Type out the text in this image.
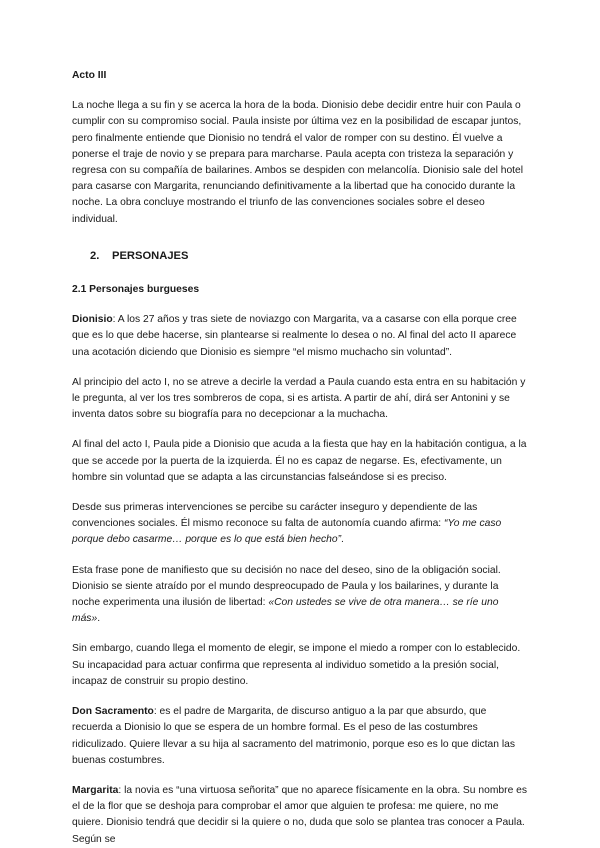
Acto III

La noche llega a su fin y se acerca la hora de la boda. Dionisio debe decidir entre huir con Paula o cumplir con su compromiso social. Paula insiste por última vez en la posibilidad de escapar juntos, pero finalmente entiende que Dionisio no tendrá el valor de romper con su destino. Él vuelve a ponerse el traje de novio y se prepara para marcharse. Paula acepta con tristeza la separación y regresa con su compañía de bailarines. Ambos se despiden con melancolía. Dionisio sale del hotel para casarse con Margarita, renunciando definitivamente a la libertad que ha conocido durante la noche. La obra concluye mostrando el triunfo de las convenciones sociales sobre el deseo individual.

2. PERSONAJES
2.1 Personajes burgueses

Dionisio: A los 27 años y tras siete de noviazgo con Margarita, va a casarse con ella porque cree que es lo que debe hacerse, sin plantearse si realmente lo desea o no. Al final del acto II aparece una acotación diciendo que Dionisio es siempre “el mismo muchacho sin voluntad”.

Al principio del acto I, no se atreve a decirle la verdad a Paula cuando esta entra en su habitación y le pregunta, al ver los tres sombreros de copa, si es artista. A partir de ahí, dirá ser Antonini y se inventa datos sobre su biografía para no decepcionar a la muchacha.

Al final del acto I, Paula pide a Dionisio que acuda a la fiesta que hay en la habitación contigua, a la que se accede por la puerta de la izquierda. Él no es capaz de negarse. Es, efectivamente, un hombre sin voluntad que se adapta a las circunstancias falseándose si es preciso.

Desde sus primeras intervenciones se percibe su carácter inseguro y dependiente de las convenciones sociales. Él mismo reconoce su falta de autonomía cuando afirma: “Yo me caso porque debo casarme… porque es lo que está bien hecho”.

Esta frase pone de manifiesto que su decisión no nace del deseo, sino de la obligación social. Dionisio se siente atraído por el mundo despreocupado de Paula y los bailarines, y durante la noche experimenta una ilusión de libertad: «Con ustedes se vive de otra manera… se ríe uno más».

Sin embargo, cuando llega el momento de elegir, se impone el miedo a romper con lo establecido. Su incapacidad para actuar confirma que representa al individuo sometido a la presión social, incapaz de construir su propio destino.

Don Sacramento: es el padre de Margarita, de discurso antiguo a la par que absurdo, que recuerda a Dionisio lo que se espera de un hombre formal. Es el peso de las costumbres ridiculizado. Quiere llevar a su hija al sacramento del matrimonio, porque eso es lo que dictan las buenas costumbres.

Margarita: la novia es “una virtuosa señorita” que no aparece físicamente en la obra. Su nombre es el de la flor que se deshoja para comprobar el amor que alguien te profesa: me quiere, no me quiere. Dionisio tendrá que decidir si la quiere o no, duda que solo se plantea tras conocer a Paula. Según se
